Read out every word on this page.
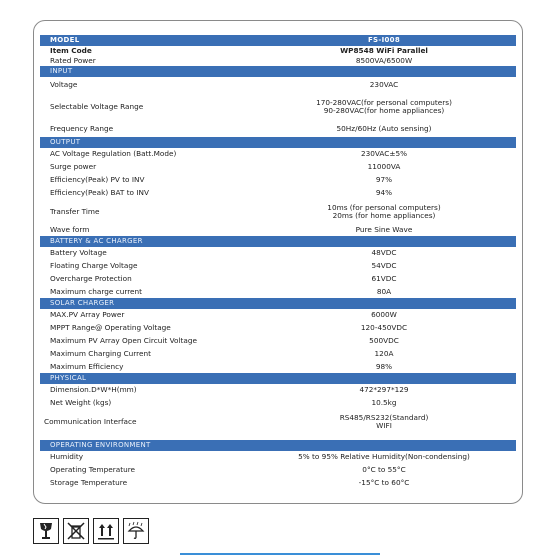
MODEL	FS-I008
Item Code	WP8548 WiFi Parallel
Rated Power	8500VA/6500W
INPUT
Voltage	230VAC
Selectable Voltage Range	170-280VAC(for personal computers)
90-280VAC(for home appliances)
Frequency Range	50Hz/60Hz (Auto sensing)
OUTPUT
AC Voltage Regulation (Batt.Mode)	230VAC±5%
Surge power	11000VA
Efficiency(Peak) PV to INV	97%
Efficiency(Peak) BAT to INV	94%
Transfer Time	10ms (for personal computers)
20ms (for home appliances)
Wave form	Pure Sine Wave
BATTERY & AC CHARGER
Battery Voltage	48VDC
Floating Charge Voltage	54VDC
Overcharge Protection	61VDC
Maximum charge current	80A
SOLAR CHARGER
MAX.PV Array Power	6000W
MPPT Range@ Operating Voltage	120-450VDC
Maximum PV Array Open Circuit Voltage	500VDC
Maximum Charging Current	120A
Maximum Efficiency	98%
PHYSICAL
Dimension.D*W*H(mm)	472*297*129
Net Weight (kgs)	10.5kg
Communication Interface	RS485/RS232(Standard)
WIFI
OPERATING ENVIRONMENT
Humidity	5% to 95% Relative Humidity(Non-condensing)
Operating Temperature	0°C to 55°C
Storage Temperature	-15°C to 60°C
